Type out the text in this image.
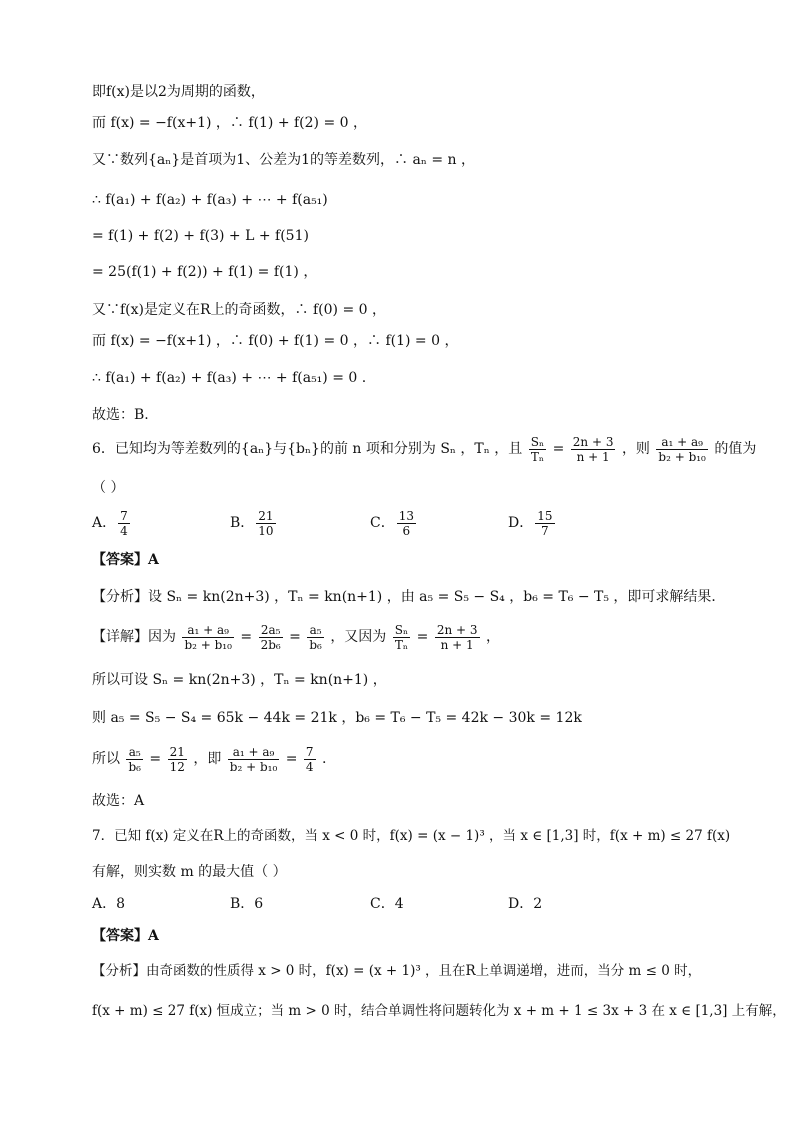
即f(x)是以2为周期的函数，
而 f(x) = −f(x+1) ，∴ f(1) + f(2) = 0 ，
又∵数列{aₙ}是首项为1、公差为1的等差数列，∴ aₙ = n ，
∴ f(a₁) + f(a₂) + f(a₃) + ⋯ + f(a₅₁)
= f(1) + f(2) + f(3) + L + f(51)
= 25(f(1) + f(2)) + f(1) = f(1) ，
又∵f(x)是定义在R上的奇函数，∴ f(0) = 0 ，
而 f(x) = −f(x+1) ，∴ f(0) + f(1) = 0 ，∴ f(1) = 0 ，
∴ f(a₁) + f(a₂) + f(a₃) + ⋯ + f(a₅₁) = 0 .
故选：B.
6．已知均为等差数列的{aₙ}与{bₙ}的前 n 项和分别为 Sₙ ，Tₙ ，且 $\frac{\text{Sₙ}}{\text{Tₙ}} = \frac{2n + 3}{n + 1}$ ，则 $\frac{\text{a₁ + a₉}}{\text{b₂ + b₁₀}}$ 的值为
（ ）
A． $\frac{7}{4}$	B． $\frac{21}{10}$	C． $\frac{13}{6}$	D． $\frac{15}{7}$
【答案】A
【分析】设 Sₙ = kn(2n+3) ，Tₙ = kn(n+1) ，由 a₅ = S₅ − S₄ ，b₆ = T₆ − T₅ ，即可求解结果．
【详解】因为 $\frac{\text{a₁ + a₉}}{\text{b₂ + b₁₀}} = \frac{\text{2a₅}}{\text{2b₆}} = \frac{\text{a₅}}{\text{b₆}}$ ，又因为 $\frac{\text{Sₙ}}{\text{Tₙ}} = \frac{2n + 3}{n + 1}$ ，
所以可设 Sₙ = kn(2n+3) ，Tₙ = kn(n+1) ，
则 a₅ = S₅ − S₄ = 65k − 44k = 21k ，b₆ = T₆ − T₅ = 42k − 30k = 12k
所以 $\frac{\text{a₅}}{\text{b₆}} = \frac{21}{12}$ ，即 $\frac{\text{a₁ + a₉}}{\text{b₂ + b₁₀}} = \frac{7}{4}$ .
故选：A
7．已知 f(x) 定义在R上的奇函数，当 x < 0 时，f(x) = (x − 1)³ ，当 x ∈ [1,3] 时，f(x + m) ≤ 27 f(x)
有解，则实数 m 的最大值（ ）
A．8	B．6	C．4	D．2
【答案】A
【分析】由奇函数的性质得 x > 0 时，f(x) = (x + 1)³ ，且在R上单调递增，进而，当分 m ≤ 0 时，
f(x + m) ≤ 27 f(x) 恒成立；当 m > 0 时，结合单调性将问题转化为 x + m + 1 ≤ 3x + 3 在 x ∈ [1,3] 上有解，
